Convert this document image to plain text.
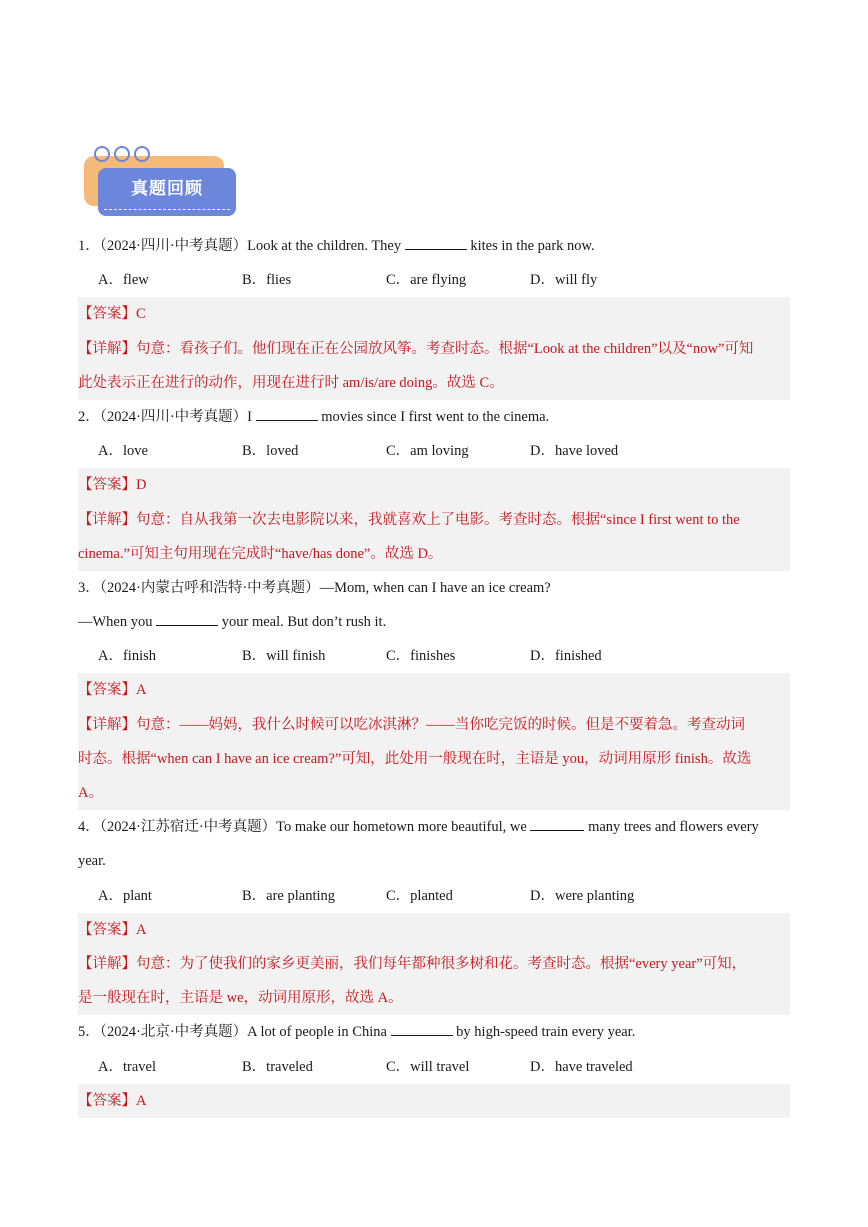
真题回顾
1．（2024·四川·中考真题）Look at the children. They	kites in the park now.
A．flew	B．flies	C．are flying	D．will fly
【答案】C
【详解】句意：看孩子们。他们现在正在公园放风筝。考查时态。根据“Look at the children”以及“now”可知
此处表示正在进行的动作，用现在进行时 am/is/are doing。故选 C。
2．（2024·四川·中考真题）I	movies since I first went to the cinema.
A．love	B．loved	C．am loving	D．have loved
【答案】D
【详解】句意：自从我第一次去电影院以来，我就喜欢上了电影。考查时态。根据“since I first went to the
cinema.”可知主句用现在完成时“have/has done”。故选 D。
3．（2024·内蒙古呼和浩特·中考真题）—Mom, when can I have an ice cream?
—When you	your meal. But don’t rush it.
A．finish	B．will finish	C．finishes	D．finished
【答案】A
【详解】句意：——妈妈，我什么时候可以吃冰淇淋？——当你吃完饭的时候。但是不要着急。考查动词
时态。根据“when can I have an ice cream?”可知，此处用一般现在时，主语是 you，动词用原形 finish。故选
A。
4．（2024·江苏宿迁·中考真题）To make our hometown more beautiful, we	many trees and flowers every
year.
A．plant	B．are planting	C．planted	D．were planting
【答案】A
【详解】句意：为了使我们的家乡更美丽，我们每年都种很多树和花。考查时态。根据“every year”可知，
是一般现在时，主语是 we，动词用原形，故选 A。
5．（2024·北京·中考真题）A lot of people in China	by high-speed train every year.
A．travel	B．traveled	C．will travel	D．have traveled
【答案】A
